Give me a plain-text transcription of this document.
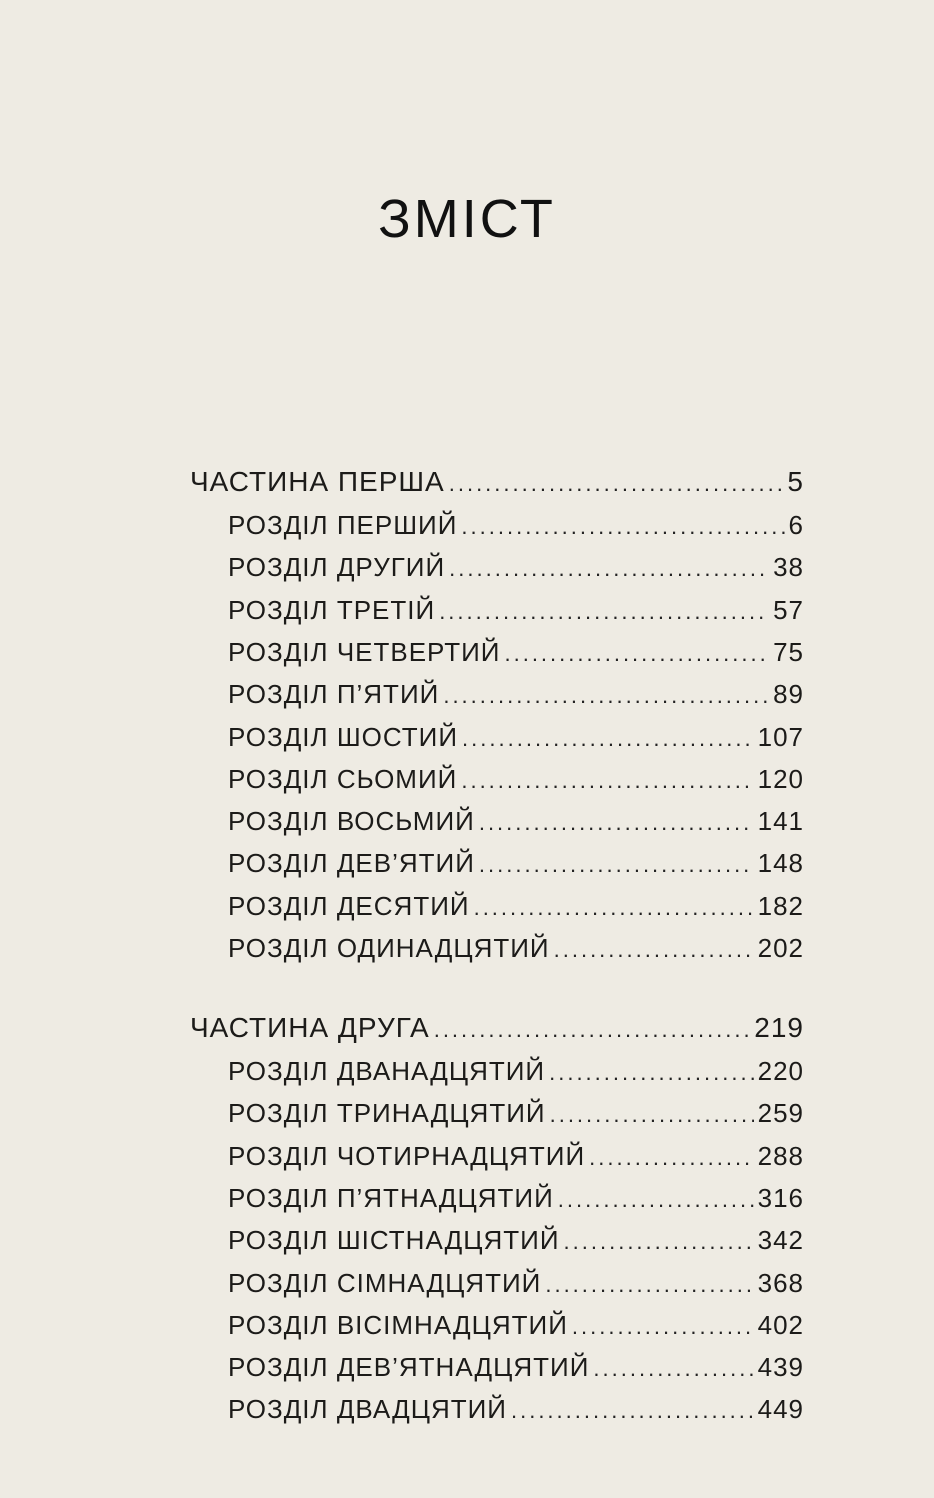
ЗМІСТ
ЧАСТИНА ПЕРША .....	5
РОЗДІЛ ПЕРШИЙ .....	6
РОЗДІЛ ДРУГИЙ .....	38
РОЗДІЛ ТРЕТІЙ .....	57
РОЗДІЛ ЧЕТВЕРТИЙ .....	75
РОЗДІЛ П’ЯТИЙ .....	89
РОЗДІЛ ШОСТИЙ .....	107
РОЗДІЛ СЬОМИЙ .....	120
РОЗДІЛ ВОСЬМИЙ .....	141
РОЗДІЛ ДЕВ’ЯТИЙ .....	148
РОЗДІЛ ДЕСЯТИЙ .....	182
РОЗДІЛ ОДИНАДЦЯТИЙ .....	202
ЧАСТИНА ДРУГА .....	219
РОЗДІЛ ДВАНАДЦЯТИЙ .....	220
РОЗДІЛ ТРИНАДЦЯТИЙ .....	259
РОЗДІЛ ЧОТИРНАДЦЯТИЙ .....	288
РОЗДІЛ П’ЯТНАДЦЯТИЙ .....	316
РОЗДІЛ ШІСТНАДЦЯТИЙ .....	342
РОЗДІЛ СІМНАДЦЯТИЙ .....	368
РОЗДІЛ ВІСІМНАДЦЯТИЙ .....	402
РОЗДІЛ ДЕВ’ЯТНАДЦЯТИЙ .....	439
РОЗДІЛ ДВАДЦЯТИЙ .....	449
